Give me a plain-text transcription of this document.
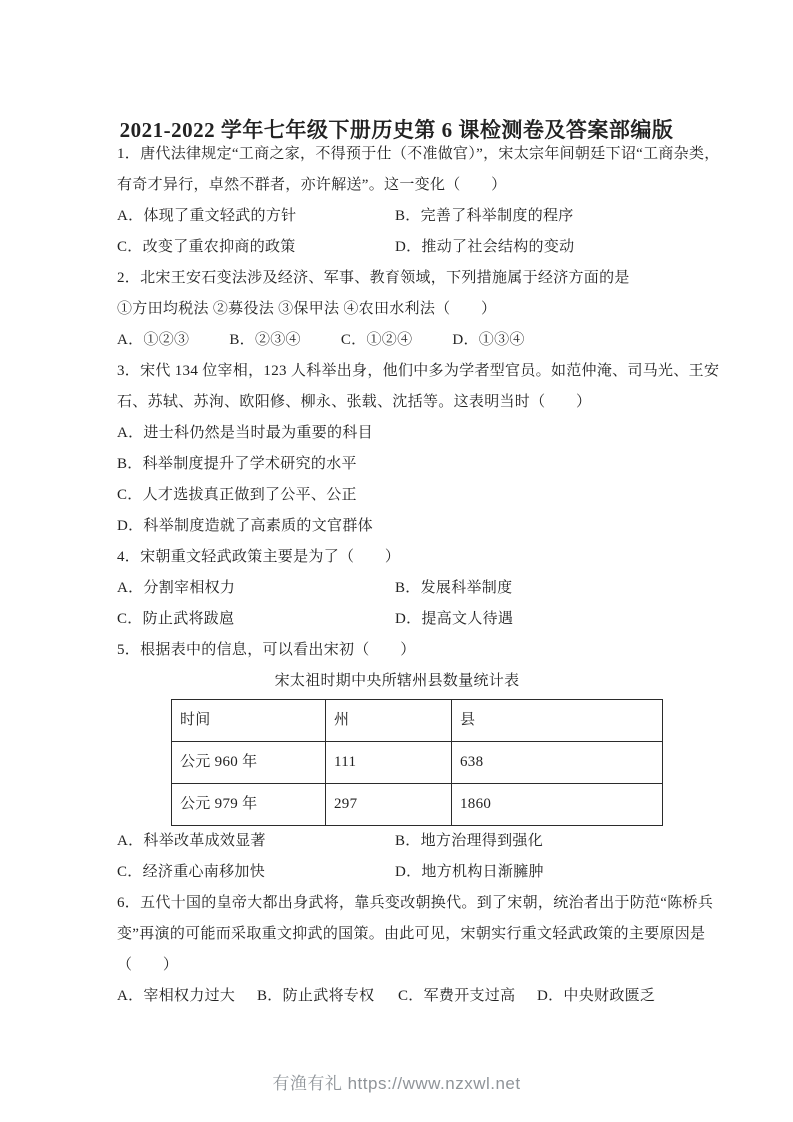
2021-2022 学年七年级下册历史第 6 课检测卷及答案部编版

1．唐代法律规定“工商之家，不得预于仕（不准做官）”，宋太宗年间朝廷下诏“工商杂类，

有奇才异行，卓然不群者，亦许解送”。这一变化（　　）

A．体现了重文轻武的方针	B．完善了科举制度的程序
C．改变了重农抑商的政策	D．推动了社会结构的变动

2．北宋王安石变法涉及经济、军事、教育领域，下列措施属于经济方面的是

①方田均税法 ②募役法 ③保甲法 ④农田水利法（　　）

A．①②③	B．②③④	C．①②④	D．①③④

3．宋代 134 位宰相，123 人科举出身，他们中多为学者型官员。如范仲淹、司马光、王安

石、苏轼、苏洵、欧阳修、柳永、张载、沈括等。这表明当时（　　）

A．进士科仍然是当时最为重要的科目

B．科举制度提升了学术研究的水平

C．人才选拔真正做到了公平、公正

D．科举制度造就了高素质的文官群体

4．宋朝重文轻武政策主要是为了（　　）

A．分割宰相权力	B．发展科举制度
C．防止武将跋扈	D．提高文人待遇

5．根据表中的信息，可以看出宋初（　　）

宋太祖时期中央所辖州县数量统计表

时间	州	县
公元 960 年	111	638
公元 979 年	297	1860
A．科举改革成效显著	B．地方治理得到强化
C．经济重心南移加快	D．地方机构日渐臃肿

6．五代十国的皇帝大都出身武将，靠兵变改朝换代。到了宋朝，统治者出于防范“陈桥兵

变”再演的可能而采取重文抑武的国策。由此可见，宋朝实行重文轻武政策的主要原因是

（　　）

A．宰相权力过大	B．防止武将专权	C．军费开支过高	D．中央财政匮乏
有渔有礼 https://www.nzxwl.net
